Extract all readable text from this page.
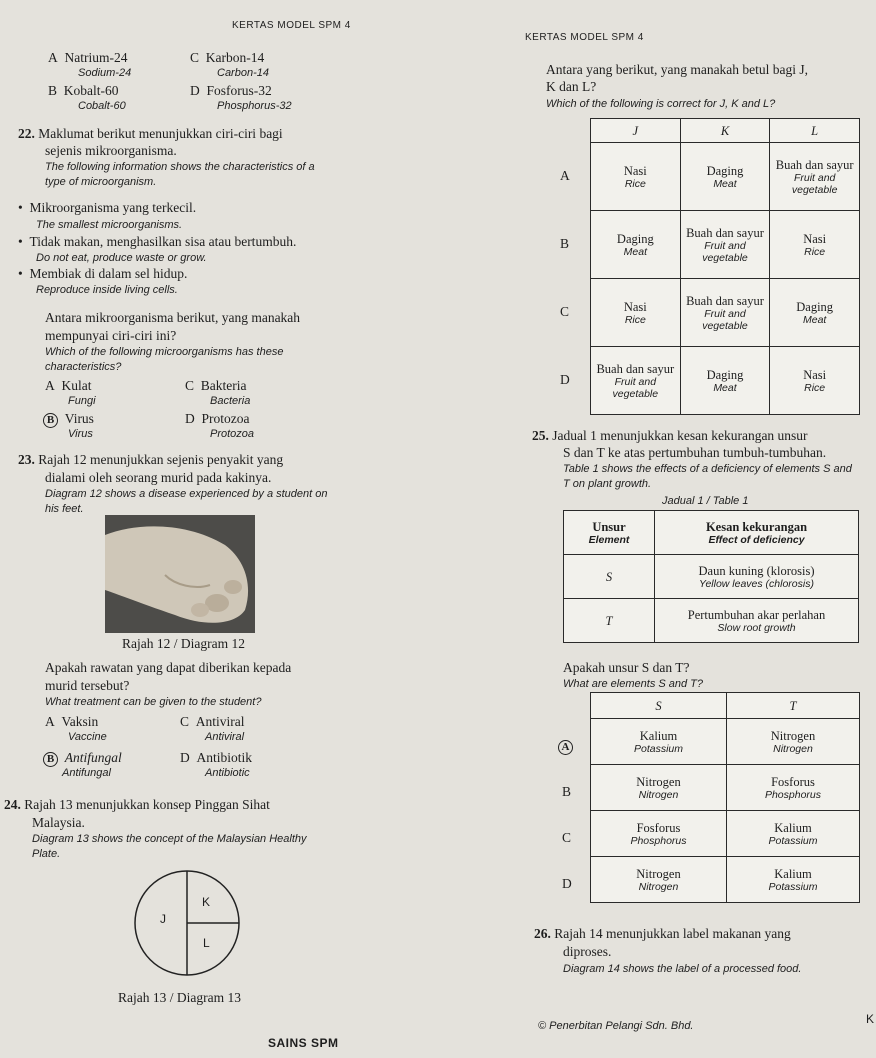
KERTAS MODEL SPM 4
KERTAS MODEL SPM 4
A Natrium-24
Sodium-24
C Karbon-14
Carbon-14
B Kobalt-60
Cobalt-60
D Fosforus-32
Phosphorus-32
22. Maklumat berikut menunjukkan ciri-ciri bagi
sejenis mikroorganisma.
The following information shows the characteristics of a
type of microorganism.
• Mikroorganisma yang terkecil.
The smallest microorganisms.
• Tidak makan, menghasilkan sisa atau bertumbuh.
Do not eat, produce waste or grow.
• Membiak di dalam sel hidup.
Reproduce inside living cells.
Antara mikroorganisma berikut, yang manakah
mempunyai ciri-ciri ini?
Which of the following microorganisms has these
characteristics?
A Kulat
Fungi
C Bakteria
Bacteria
B Virus
Virus
D Protozoa
Protozoa
23. Rajah 12 menunjukkan sejenis penyakit yang
dialami oleh seorang murid pada kakinya.
Diagram 12 shows a disease experienced by a student on
his feet.
Rajah 12 / Diagram 12
Apakah rawatan yang dapat diberikan kepada
murid tersebut?
What treatment can be given to the student?
A Vaksin
Vaccine
C Antiviral
Antiviral
B Antifungal
Antifungal
D Antibiotik
Antibiotic
24. Rajah 13 menunjukkan konsep Pinggan Sihat
Malaysia.
Diagram 13 shows the concept of the Malaysian Healthy
Plate.
K
J
L
Rajah 13 / Diagram 13
Antara yang berikut, yang manakah betul bagi J,
K dan L?
Which of the following is correct for J, K and L?
J	K	L

Nasi
Rice	Daging
Meat	Buah dan sayur
Fruit and vegetable

Daging
Meat	Buah dan sayur
Fruit and vegetable	Nasi
Rice

Nasi
Rice	Buah dan sayur
Fruit and vegetable	Daging
Meat

Buah dan sayur
Fruit and vegetable	Daging
Meat	Nasi
Rice
A
B
C
D
25. Jadual 1 menunjukkan kesan kekurangan unsur
S dan T ke atas pertumbuhan tumbuh-tumbuhan.
Table 1 shows the effects of a deficiency of elements S and
T on plant growth.
Jadual 1 / Table 1
Unsur
Element	Kesan kekurangan
Effect of deficiency

S	Daun kuning (klorosis)
Yellow leaves (chlorosis)

T	Pertumbuhan akar perlahan
Slow root growth
Apakah unsur S dan T?
What are elements S and T?
S	T

Kalium
Potassium	Nitrogen
Nitrogen

Nitrogen
Nitrogen	Fosforus
Phosphorus

Fosforus
Phosphorus	Kalium
Potassium

Nitrogen
Nitrogen	Kalium
Potassium
A
B
C
D
26. Rajah 14 menunjukkan label makanan yang
diproses.
Diagram 14 shows the label of a processed food.
SAINS SPM
© Penerbitan Pelangi Sdn. Bhd.	K
